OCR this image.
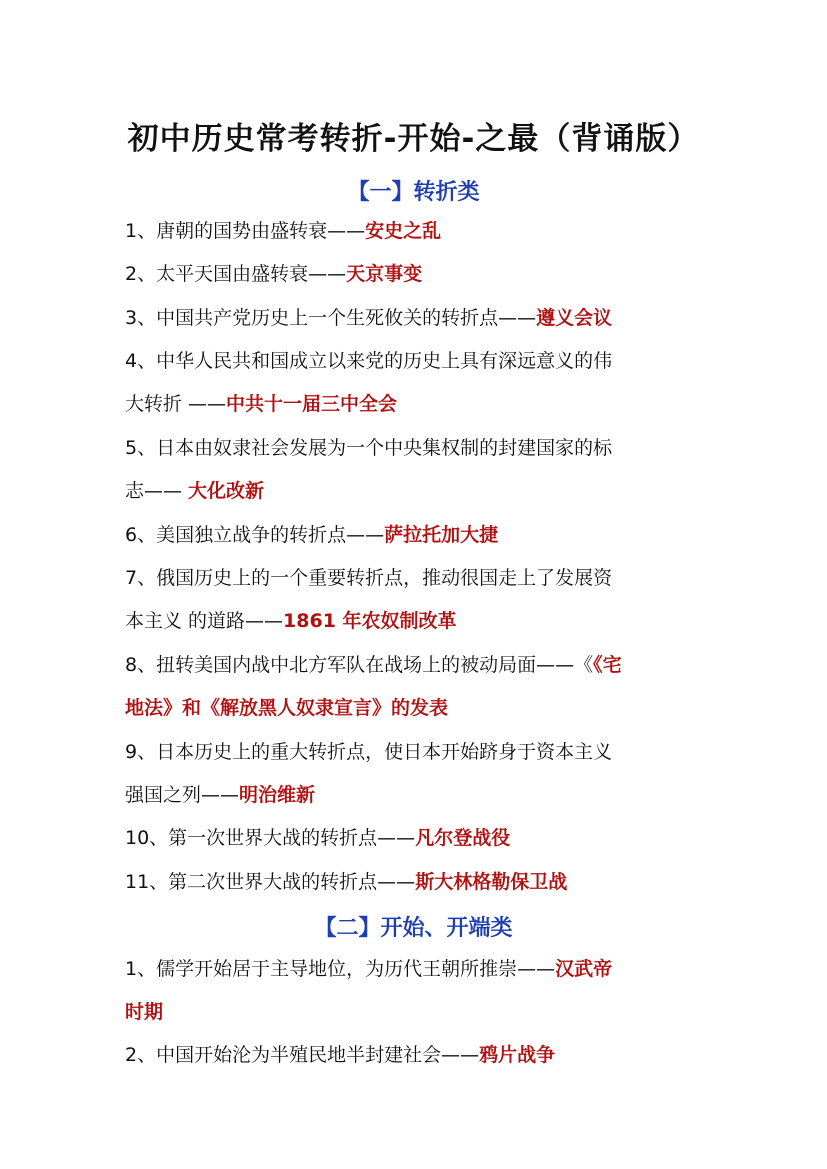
初中历史常考转折-开始-之最（背诵版）
【一】转折类
1、唐朝的国势由盛转衰——安史之乱
2、太平天国由盛转衰——天京事变
3、中国共产党历史上一个生死攸关的转折点——遵义会议
4、中华人民共和国成立以来党的历史上具有深远意义的伟
大转折 ——中共十一届三中全会
5、日本由奴隶社会发展为一个中央集权制的封建国家的标
志—— 大化改新
6、美国独立战争的转折点——萨拉托加大捷
7、俄国历史上的一个重要转折点，推动很国走上了发展资
本主义 的道路——1861 年农奴制改革
8、扭转美国内战中北方军队在战场上的被动局面——《《宅
地法》和《解放黑人奴隶宣言》的发表
9、日本历史上的重大转折点，使日本开始跻身于资本主义
强国之列——明治维新
10、第一次世界大战的转折点——凡尔登战役
11、第二次世界大战的转折点——斯大林格勒保卫战
【二】开始、开端类
1、儒学开始居于主导地位，为历代王朝所推崇——汉武帝
时期
2、中国开始沦为半殖民地半封建社会——鸦片战争
